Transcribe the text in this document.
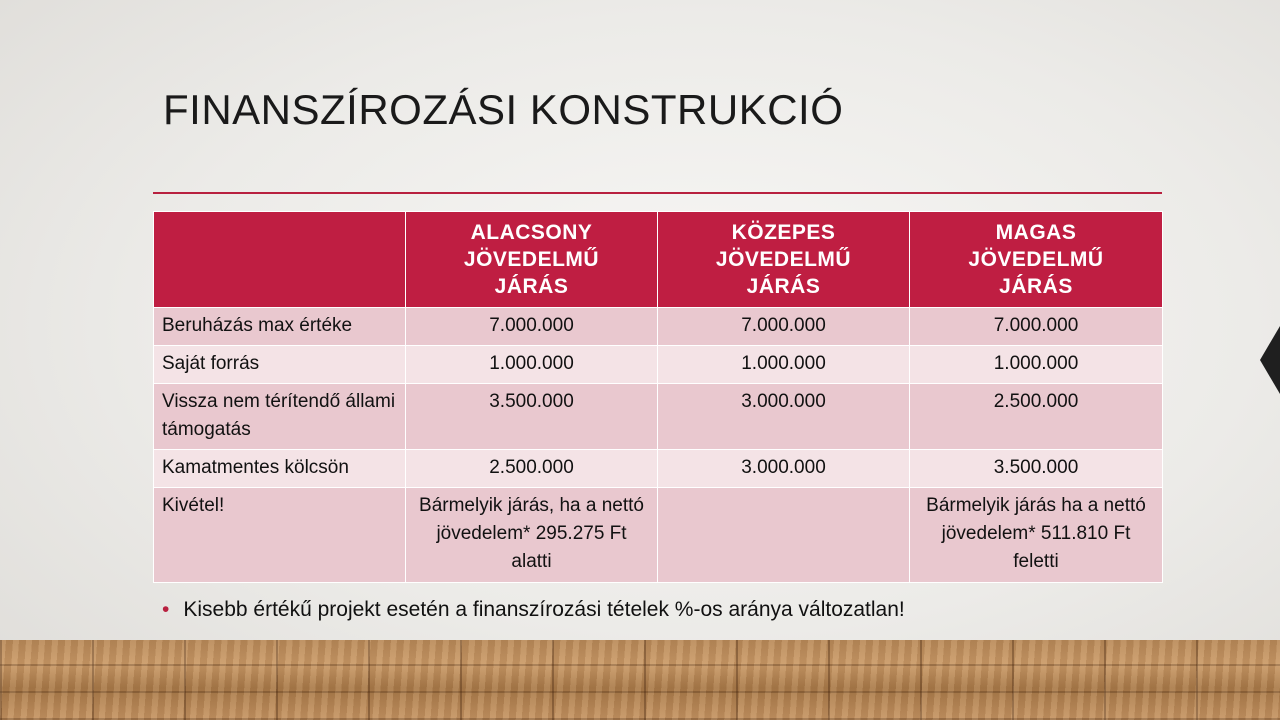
FINANSZÍROZÁSI KONSTRUKCIÓ
	ALACSONY JÖVEDELMŰ JÁRÁS	KÖZEPES JÖVEDELMŰ JÁRÁS	MAGAS JÖVEDELMŰ JÁRÁS
Beruházás max értéke	7.000.000	7.000.000	7.000.000
Saját forrás	1.000.000	1.000.000	1.000.000
Vissza nem térítendő állami támogatás	3.500.000	3.000.000	2.500.000
Kamatmentes kölcsön	2.500.000	3.000.000	3.500.000
Kivétel!	Bármelyik járás, ha a nettó jövedelem* 295.275 Ft alatti		Bármelyik járás ha a nettó jövedelem* 511.810 Ft feletti
• Kisebb értékű projekt esetén a finanszírozási tételek %-os aránya változatlan!
